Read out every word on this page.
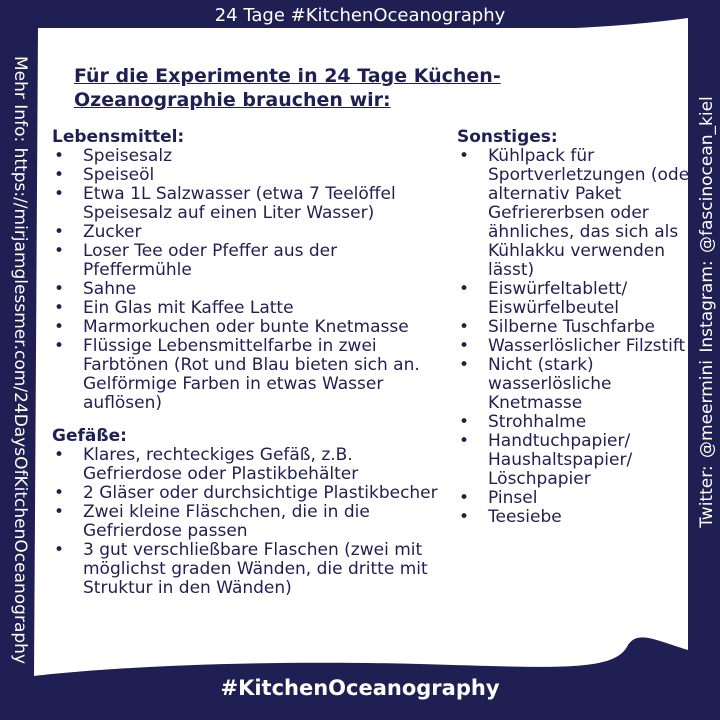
24 Tage #KitchenOceanography
Mehr Info: https://mirjamglessmer.com/24DaysOfKitchenOceanography	Twitter: @meermini Instagram: @fascinocean_kiel
Für die Experimente in 24 Tage Küchen-Ozeanographie brauchen wir:
Lebensmittel:
• Speisesalz
• Speiseöl
• Etwa 1L Salzwasser (etwa 7 Teelöffel Speisesalz auf einen Liter Wasser)
• Zucker
• Loser Tee oder Pfeffer aus der Pfeffermühle
• Sahne
• Ein Glas mit Kaffee Latte
• Marmorkuchen oder bunte Knetmasse
• Flüssige Lebensmittelfarbe in zwei Farbtönen (Rot und Blau bieten sich an. Gelförmige Farben in etwas Wasser auflösen)
Gefäße:
• Klares, rechteckiges Gefäß, z.B. Gefrierdose oder Plastikbehälter
• 2 Gläser oder durchsichtige Plastikbecher
• Zwei kleine Fläschchen, die in die Gefrierdose passen
• 3 gut verschließbare Flaschen (zwei mit möglichst graden Wänden, die dritte mit Struktur in den Wänden)
Sonstiges:
• Kühlpack für Sportverletzungen (oder alternativ Paket Gefriererbsen oder ähnliches, das sich als Kühlakku verwenden lässt)
• Eiswürfeltablett/ Eiswürfelbeutel
• Silberne Tuschfarbe
• Wasserlöslicher Filzstift
• Nicht (stark) wasserlösliche Knetmasse
• Strohhalme
• Handtuchpapier/ Haushaltspapier/ Löschpapier
• Pinsel
• Teesiebe
#KitchenOceanography
